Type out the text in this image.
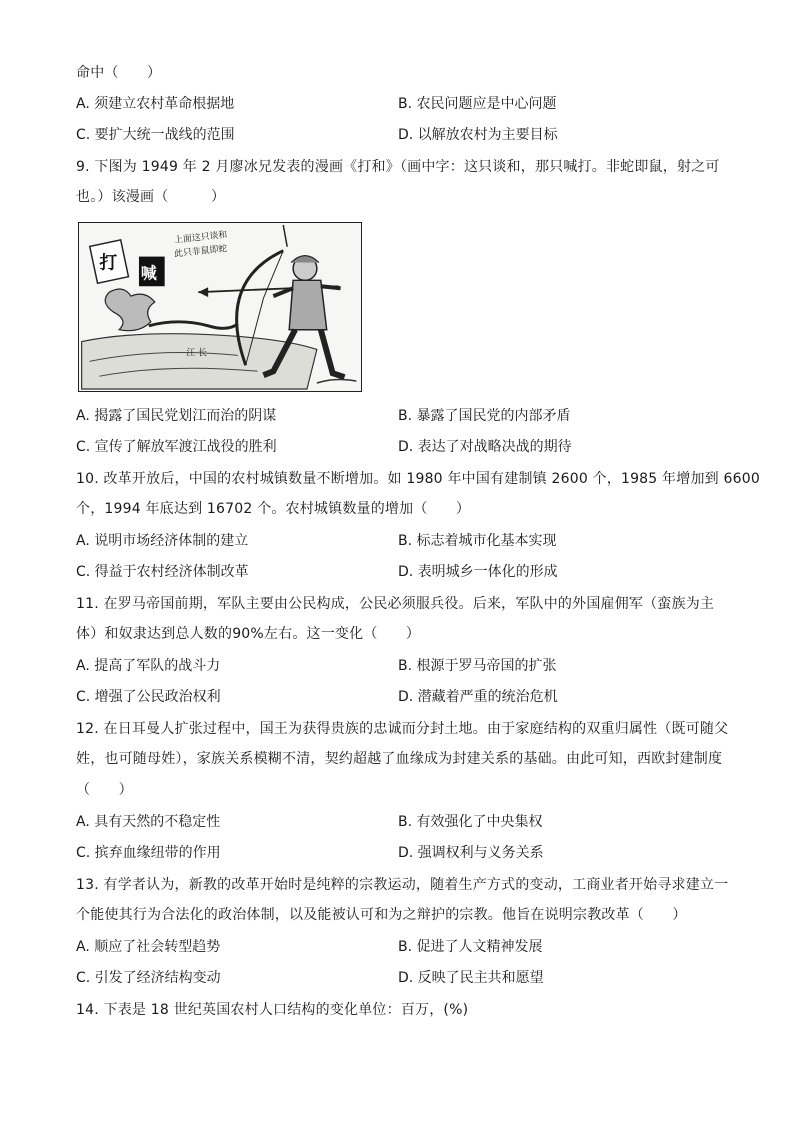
命中（　　）
A. 须建立农村革命根据地	B. 农民问题应是中心问题
C. 要扩大统一战线的范围	D. 以解放农村为主要目标
9. 下图为 1949 年 2 月廖冰兄发表的漫画《打和》（画中字：这只谈和，那只喊打。非蛇即鼠，射之可
也。）该漫画（　　　）
江 长
打 喊
上面这只谈和
此只非鼠即蛇
A. 揭露了国民党划江而治的阴谋	B. 暴露了国民党的内部矛盾
C. 宣传了解放军渡江战役的胜利	D. 表达了对战略决战的期待
10. 改革开放后，中国的农村城镇数量不断增加。如 1980 年中国有建制镇 2600 个，1985 年增加到 6600
个，1994 年底达到 16702 个。农村城镇数量的增加（　　）
A. 说明市场经济体制的建立	B. 标志着城市化基本实现
C. 得益于农村经济体制改革	D. 表明城乡一体化的形成
11. 在罗马帝国前期，军队主要由公民构成，公民必须服兵役。后来，军队中的外国雇佣军（蛮族为主
体）和奴隶达到总人数的90%左右。这一变化（　　）
A. 提高了军队的战斗力	B. 根源于罗马帝国的扩张
C. 增强了公民政治权利	D. 潜藏着严重的统治危机
12. 在日耳曼人扩张过程中，国王为获得贵族的忠诚而分封土地。由于家庭结构的双重归属性（既可随父
姓，也可随母姓），家族关系模糊不清，契约超越了血缘成为封建关系的基础。由此可知，西欧封建制度
（　　）
A. 具有天然的不稳定性	B. 有效强化了中央集权
C. 摈弃血缘纽带的作用	D. 强调权利与义务关系
13. 有学者认为，新教的改革开始时是纯粹的宗教运动，随着生产方式的变动，工商业者开始寻求建立一
个能使其行为合法化的政治体制，以及能被认可和为之辩护的宗教。他旨在说明宗教改革（　　）
A. 顺应了社会转型趋势	B. 促进了人文精神发展
C. 引发了经济结构变动	D. 反映了民主共和愿望
14. 下表是 18 世纪英国农村人口结构的变化单位：百万，(%)
